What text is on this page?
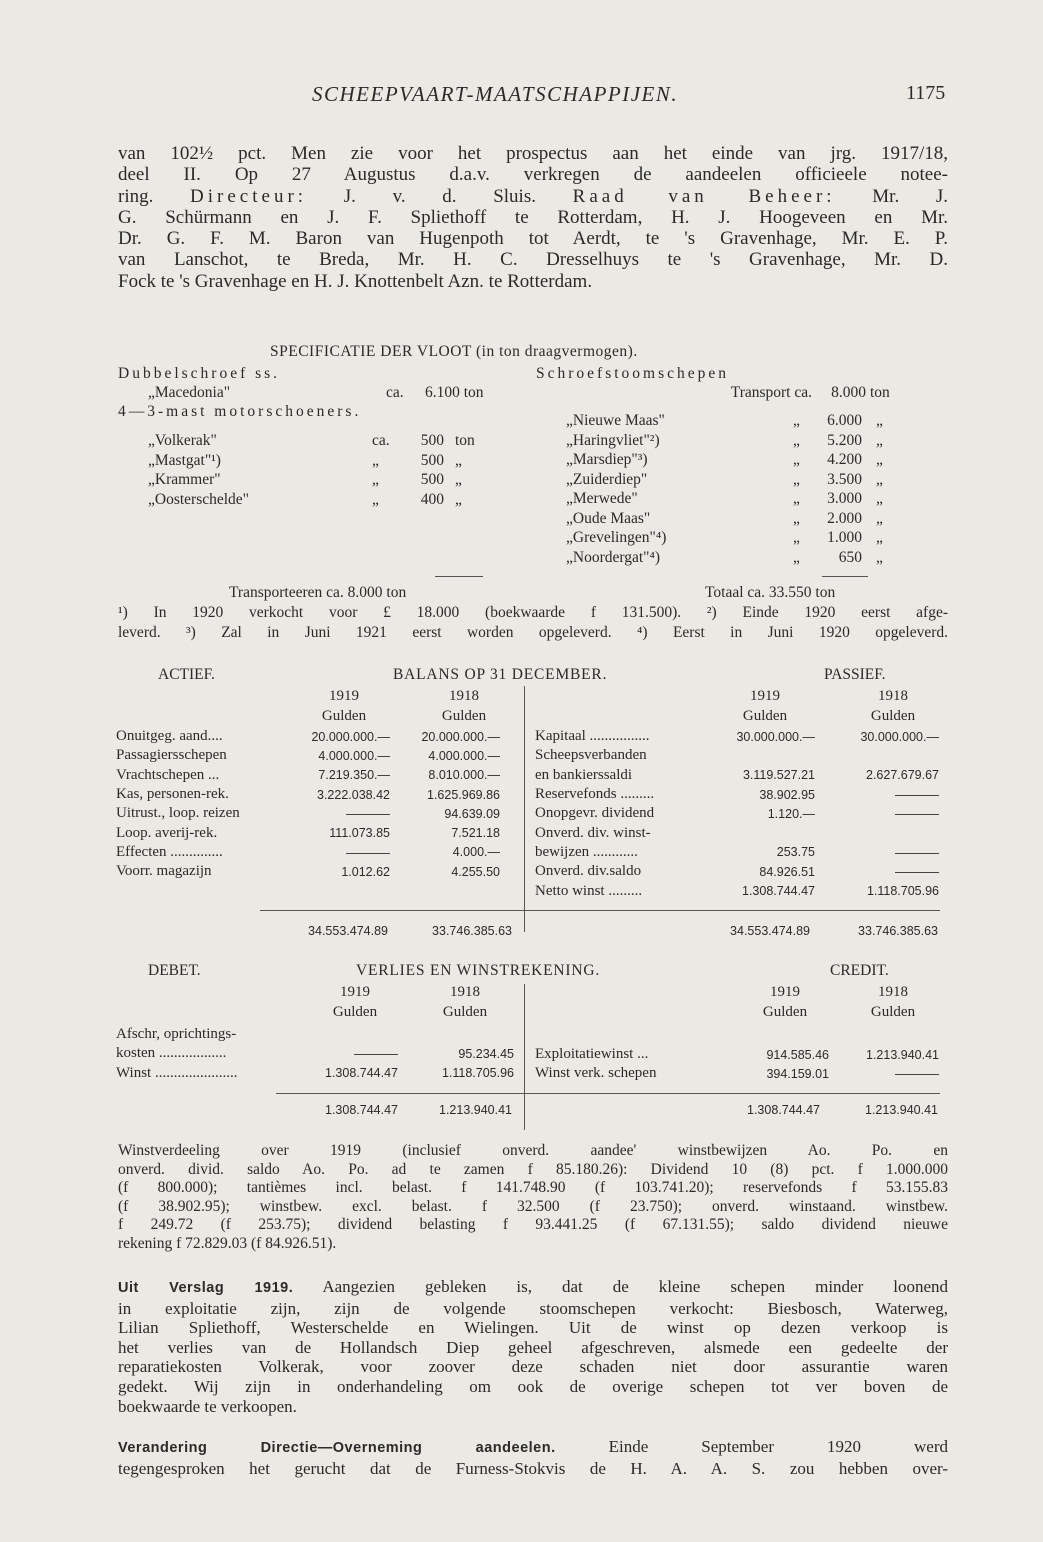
SCHEEPVAART-MAATSCHAPPIJEN.	1175
van 102½ pct. Men zie voor het prospectus aan het einde van jrg. 1917/18,
deel II. Op 27 Augustus d.a.v. verkregen de aandeelen officieele notee-
ring. Directeur: J. v. d. Sluis. Raad van Beheer: Mr. J.
G. Schürmann en J. F. Spliethoff te Rotterdam, H. J. Hoogeveen en Mr.
Dr. G. F. M. Baron van Hugenpoth tot Aerdt, te 's Gravenhage, Mr. E. P.
van Lanschot, te Breda, Mr. H. C. Dresselhuys te 's Gravenhage, Mr. D.
Fock te 's Gravenhage en H. J. Knottenbelt Azn. te Rotterdam.
SPECIFICATIE DER VLOOT (in ton draagvermogen).
Dubbelschroef ss.
„Macedonia"	ca. 6.100 ton
4—3-mast motorschoeners.
„Volkerak"	ca.	500 ton
„Mastgat"¹)	„	500 „
„Krammer"	„	500 „
„Oosterschelde"	„	400 „
Schroefstoomschepen
Transport ca.	8.000 ton
„Nieuwe Maas"	„	6.000 „
„Haringvliet"²)	„	5.200 „
„Marsdiep"³)	„	4.200 „
„Zuiderdiep"	„	3.500 „
„Merwede"	„	3.000 „
„Oude Maas"	„	2.000 „
„Grevelingen"⁴)	„	1.000 „
„Noordergat"⁴)	„	650 „
Transporteeren ca. 8.000 ton	Totaal ca. 33.550 ton
¹) In 1920 verkocht voor £ 18.000 (boekwaarde f 131.500). ²) Einde 1920 eerst afge-
leverd. ³) Zal in Juni 1921 eerst worden opgeleverd. ⁴) Eerst in Juni 1920 opgeleverd.
ACTIEF.	BALANS OP 31 DECEMBER.	PASSIEF.
1919	1918
Gulden	Gulden
1919	1918
Gulden	Gulden
Onuitgeg. aand....	20.000.000.—	20.000.000.—
Passagiersschepen	4.000.000.—	4.000.000.—
Vrachtschepen ...	7.219.350.—	8.010.000.—
Kas, personen-rek.	3.222.038.42	1.625.969.86
Uitrust., loop. reizen		94.639.09
Loop. averij-rek.	111.073.85	7.521.18
Effecten ..............		4.000.—
Voorr. magazijn	1.012.62	4.255.50
Kapitaal ................	30.000.000.—	30.000.000.—
Scheepsverbanden		
en bankierssaldi	3.119.527.21	2.627.679.67
Reservefonds .........	38.902.95	
Onopgevr. dividend	1.120.—	
Onverd. div. winst-		
bewijzen ............	253.75	
Onverd. div.saldo	84.926.51	
Netto winst .........	1.308.744.47	1.118.705.96
34.553.474.89	33.746.385.63	34.553.474.89	33.746.385.63
DEBET.	VERLIES EN WINSTREKENING.	CREDIT.
1919	1918
Gulden	Gulden
1919	1918
Gulden	Gulden
Afschr, oprichtings-		
kosten ..................		95.234.45
Winst ......................	1.308.744.47	1.118.705.96
Exploitatiewinst ...	914.585.46	1.213.940.41
Winst verk. schepen	394.159.01	
1.308.744.47	1.213.940.41	1.308.744.47	1.213.940.41
Winstverdeeling over 1919 (inclusief onverd. aandee' winstbewijzen Ao. Po. en
onverd. divid. saldo Ao. Po. ad te zamen f 85.180.26): Dividend 10 (8) pct. f 1.000.000
(f 800.000); tantièmes incl. belast. f 141.748.90 (f 103.741.20); reservefonds f 53.155.83
(f 38.902.95); winstbew. excl. belast. f 32.500 (f 23.750); onverd. winstaand. winstbew.
f 249.72 (f 253.75); dividend belasting f 93.441.25 (f 67.131.55); saldo dividend nieuwe
rekening f 72.829.03 (f 84.926.51).
Uit Verslag 1919. Aangezien gebleken is, dat de kleine schepen minder loonend
in exploitatie zijn, zijn de volgende stoomschepen verkocht: Biesbosch, Waterweg,
Lilian Spliethoff, Westerschelde en Wielingen. Uit de winst op dezen verkoop is
het verlies van de Hollandsch Diep geheel afgeschreven, alsmede een gedeelte der
reparatiekosten Volkerak, voor zoover deze schaden niet door assurantie waren
gedekt. Wij zijn in onderhandeling om ook de overige schepen tot ver boven de
boekwaarde te verkoopen.
Verandering Directie—Overneming aandeelen.	Einde September 1920 werd
tegengesproken het gerucht dat de Furness-Stokvis de H. A. A. S. zou hebben over-
